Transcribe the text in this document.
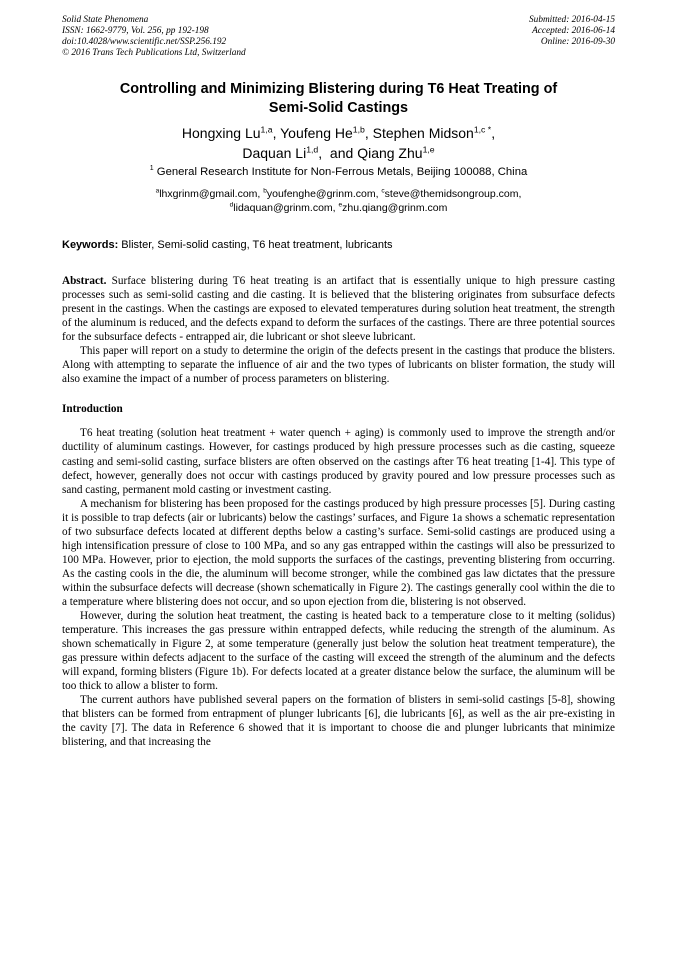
Solid State Phenomena
ISSN: 1662-9779, Vol. 256, pp 192-198
doi:10.4028/www.scientific.net/SSP.256.192
© 2016 Trans Tech Publications Ltd, Switzerland
Submitted: 2016-04-15
Accepted: 2016-06-14
Online: 2016-09-30
Controlling and Minimizing Blistering during T6 Heat Treating of
Semi-Solid Castings
Hongxing Lu$^{1,a}$, Youfeng He$^{1,b}$, Stephen Midson$^{1,c *}$,
Daquan Li$^{1,d}$,  and Qiang Zhu$^{1,e}$
$^1$ General Research Institute for Non-Ferrous Metals, Beijing 100088, China
$^a$lhxgrinm@gmail.com, $^b$youfenghe@grinm.com, $^c$steve@themidsongroup.com,
$^d$lidaquan@grinm.com, $^e$zhu.qiang@grinm.com
Keywords: Blister, Semi-solid casting, T6 heat treatment, lubricants

Abstract. Surface blistering during T6 heat treating is an artifact that is essentially unique to high pressure casting processes such as semi-solid casting and die casting. It is believed that the blistering originates from subsurface defects present in the castings. When the castings are exposed to elevated temperatures during solution heat treatment, the strength of the aluminum is reduced, and the defects expand to deform the surfaces of the castings. There are three potential sources for the subsurface defects - entrapped air, die lubricant or shot sleeve lubricant.

This paper will report on a study to determine the origin of the defects present in the castings that produce the blisters. Along with attempting to separate the influence of air and the two types of lubricants on blister formation, the study will also examine the impact of a number of process parameters on blistering.

Introduction

T6 heat treating (solution heat treatment + water quench + aging) is commonly used to improve the strength and/or ductility of aluminum castings. However, for castings produced by high pressure processes such as die casting, squeeze casting and semi-solid casting, surface blisters are often observed on the castings after T6 heat treating [1-4]. This type of defect, however, generally does not occur with castings produced by gravity poured and low pressure processes such as sand casting, permanent mold casting or investment casting.

A mechanism for blistering has been proposed for the castings produced by high pressure processes [5]. During casting it is possible to trap defects (air or lubricants) below the castings’ surfaces, and Figure 1a shows a schematic representation of two subsurface defects located at different depths below a casting’s surface. Semi-solid castings are produced using a high intensification pressure of close to 100 MPa, and so any gas entrapped within the castings will also be pressurized to 100 MPa. However, prior to ejection, the mold supports the surfaces of the castings, preventing blistering from occurring. As the casting cools in the die, the aluminum will become stronger, while the combined gas law dictates that the pressure within the subsurface defects will decrease (shown schematically in Figure 2). The castings generally cool within the die to a temperature where blistering does not occur, and so upon ejection from die, blistering is not observed.

However, during the solution heat treatment, the casting is heated back to a temperature close to it melting (solidus) temperature. This increases the gas pressure within entrapped defects, while reducing the strength of the aluminum. As shown schematically in Figure 2, at some temperature (generally just below the solution heat treatment temperature), the gas pressure within defects adjacent to the surface of the casting will exceed the strength of the aluminum and the defects will expand, forming blisters (Figure 1b). For defects located at a greater distance below the surface, the aluminum will be too thick to allow a blister to form.

The current authors have published several papers on the formation of blisters in semi-solid castings [5-8], showing that blisters can be formed from entrapment of plunger lubricants [6], die lubricants [6], as well as the air pre-existing in the cavity [7]. The data in Reference 6 showed that it is important to choose die and plunger lubricants that minimize blistering, and that increasing the
